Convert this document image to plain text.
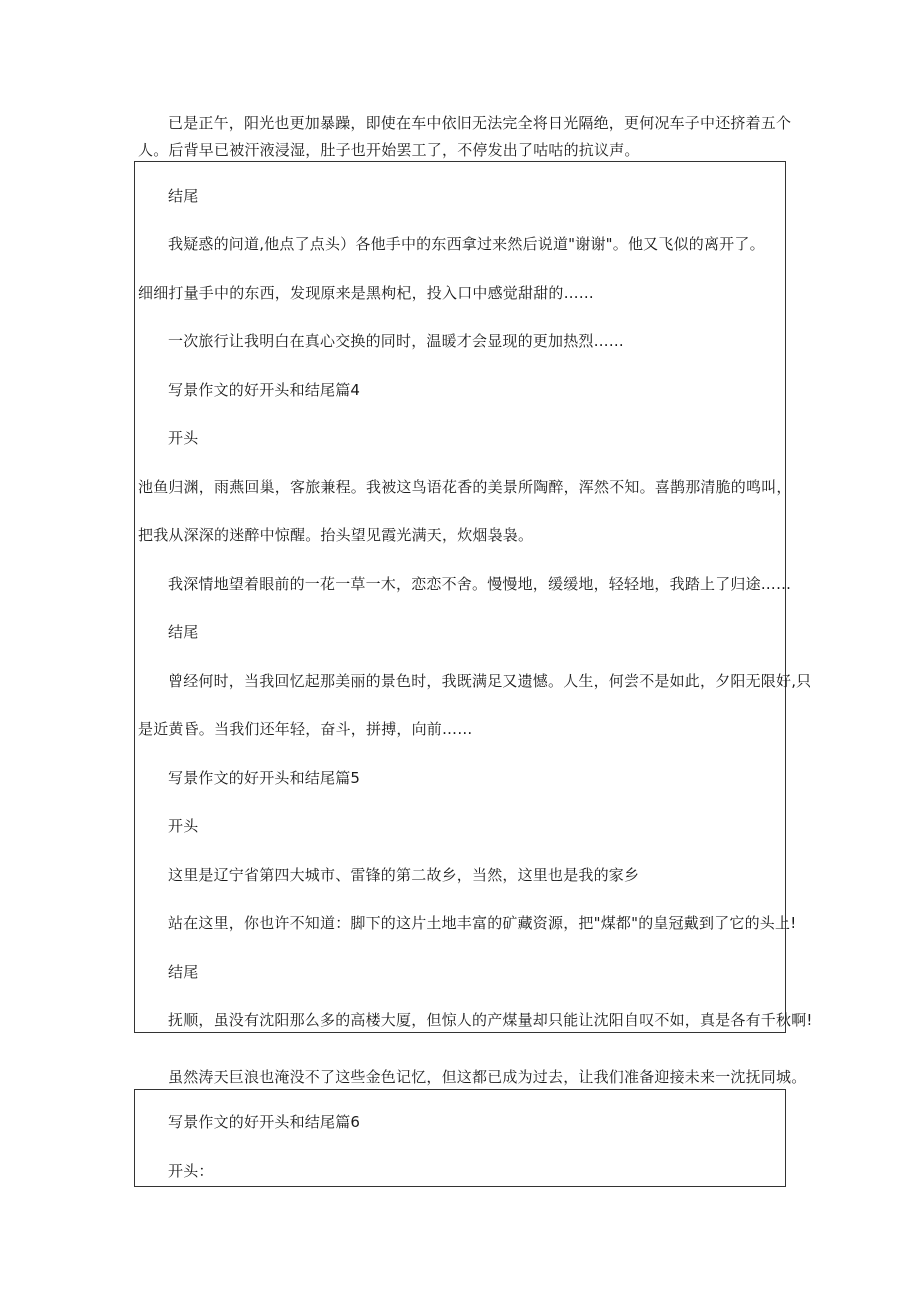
已是正午，阳光也更加暴躁，即使在车中依旧无法完全将日光隔绝，更何况车子中还挤着五个
人。后背早已被汗液浸湿，肚子也开始罢工了，不停发出了咕咕的抗议声。
结尾
我疑惑的问道,他点了点头）各他手中的东西拿过来然后说道"谢谢"。他又飞似的离开了。
细细打量手中的东西，发现原来是黑枸杞，投入口中感觉甜甜的……
一次旅行让我明白在真心交换的同时，温暖才会显现的更加热烈……
写景作文的好开头和结尾篇4
开头
池鱼归渊，雨燕回巢，客旅兼程。我被这鸟语花香的美景所陶醉，浑然不知。喜鹊那清脆的鸣叫，
把我从深深的迷醉中惊醒。抬头望见霞光满天，炊烟袅袅。
我深情地望着眼前的一花一草一木，恋恋不舍。慢慢地，缓缓地，轻轻地，我踏上了归途……
结尾
曾经何时，当我回忆起那美丽的景色时，我既满足又遗憾。人生，何尝不是如此，夕阳无限好,只
是近黄昏。当我们还年轻，奋斗，拼搏，向前……
写景作文的好开头和结尾篇5
开头
这里是辽宁省第四大城市、雷锋的第二故乡，当然，这里也是我的家乡
站在这里，你也许不知道：脚下的这片土地丰富的矿藏资源，把"煤都"的皇冠戴到了它的头上!
结尾
抚顺，虽没有沈阳那么多的高楼大厦，但惊人的产煤量却只能让沈阳自叹不如，真是各有千秋啊!
虽然涛天巨浪也淹没不了这些金色记忆，但这都已成为过去，让我们准备迎接未来一沈抚同城。
写景作文的好开头和结尾篇6
开头：
